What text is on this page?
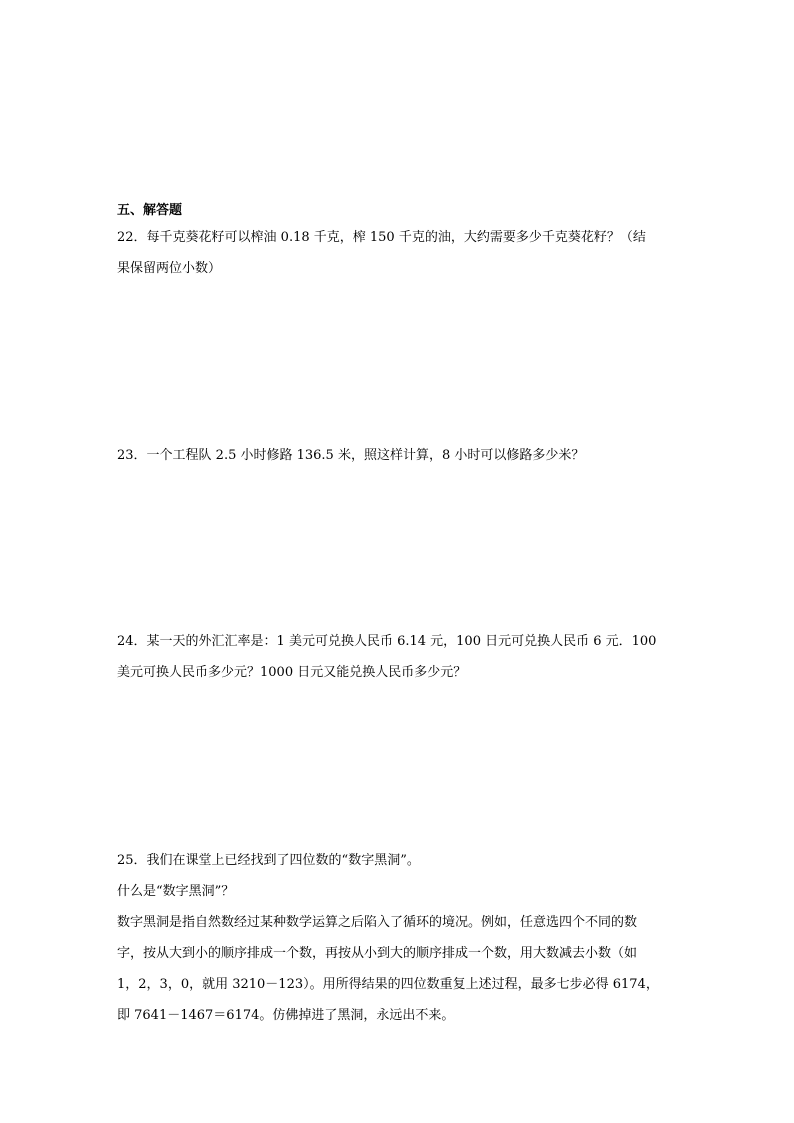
五、解答题

22．每千克葵花籽可以榨油 0.18 千克，榨 150 千克的油，大约需要多少千克葵花籽？（结

果保留两位小数）

23．一个工程队 2.5 小时修路 136.5 米，照这样计算，8 小时可以修路多少米？

24．某一天的外汇汇率是：1 美元可兑换人民币 6.14 元，100 日元可兑换人民币 6 元．100

美元可换人民币多少元？1000 日元又能兑换人民币多少元？

25．我们在课堂上已经找到了四位数的“数字黑洞”。

什么是“数字黑洞”？

数字黑洞是指自然数经过某种数学运算之后陷入了循环的境况。例如，任意选四个不同的数

字，按从大到小的顺序排成一个数，再按从小到大的顺序排成一个数，用大数减去小数（如

1，2，3，0，就用 3210－123）。用所得结果的四位数重复上述过程，最多七步必得 6174，

即 7641－1467＝6174。仿佛掉进了黑洞，永远出不来。
